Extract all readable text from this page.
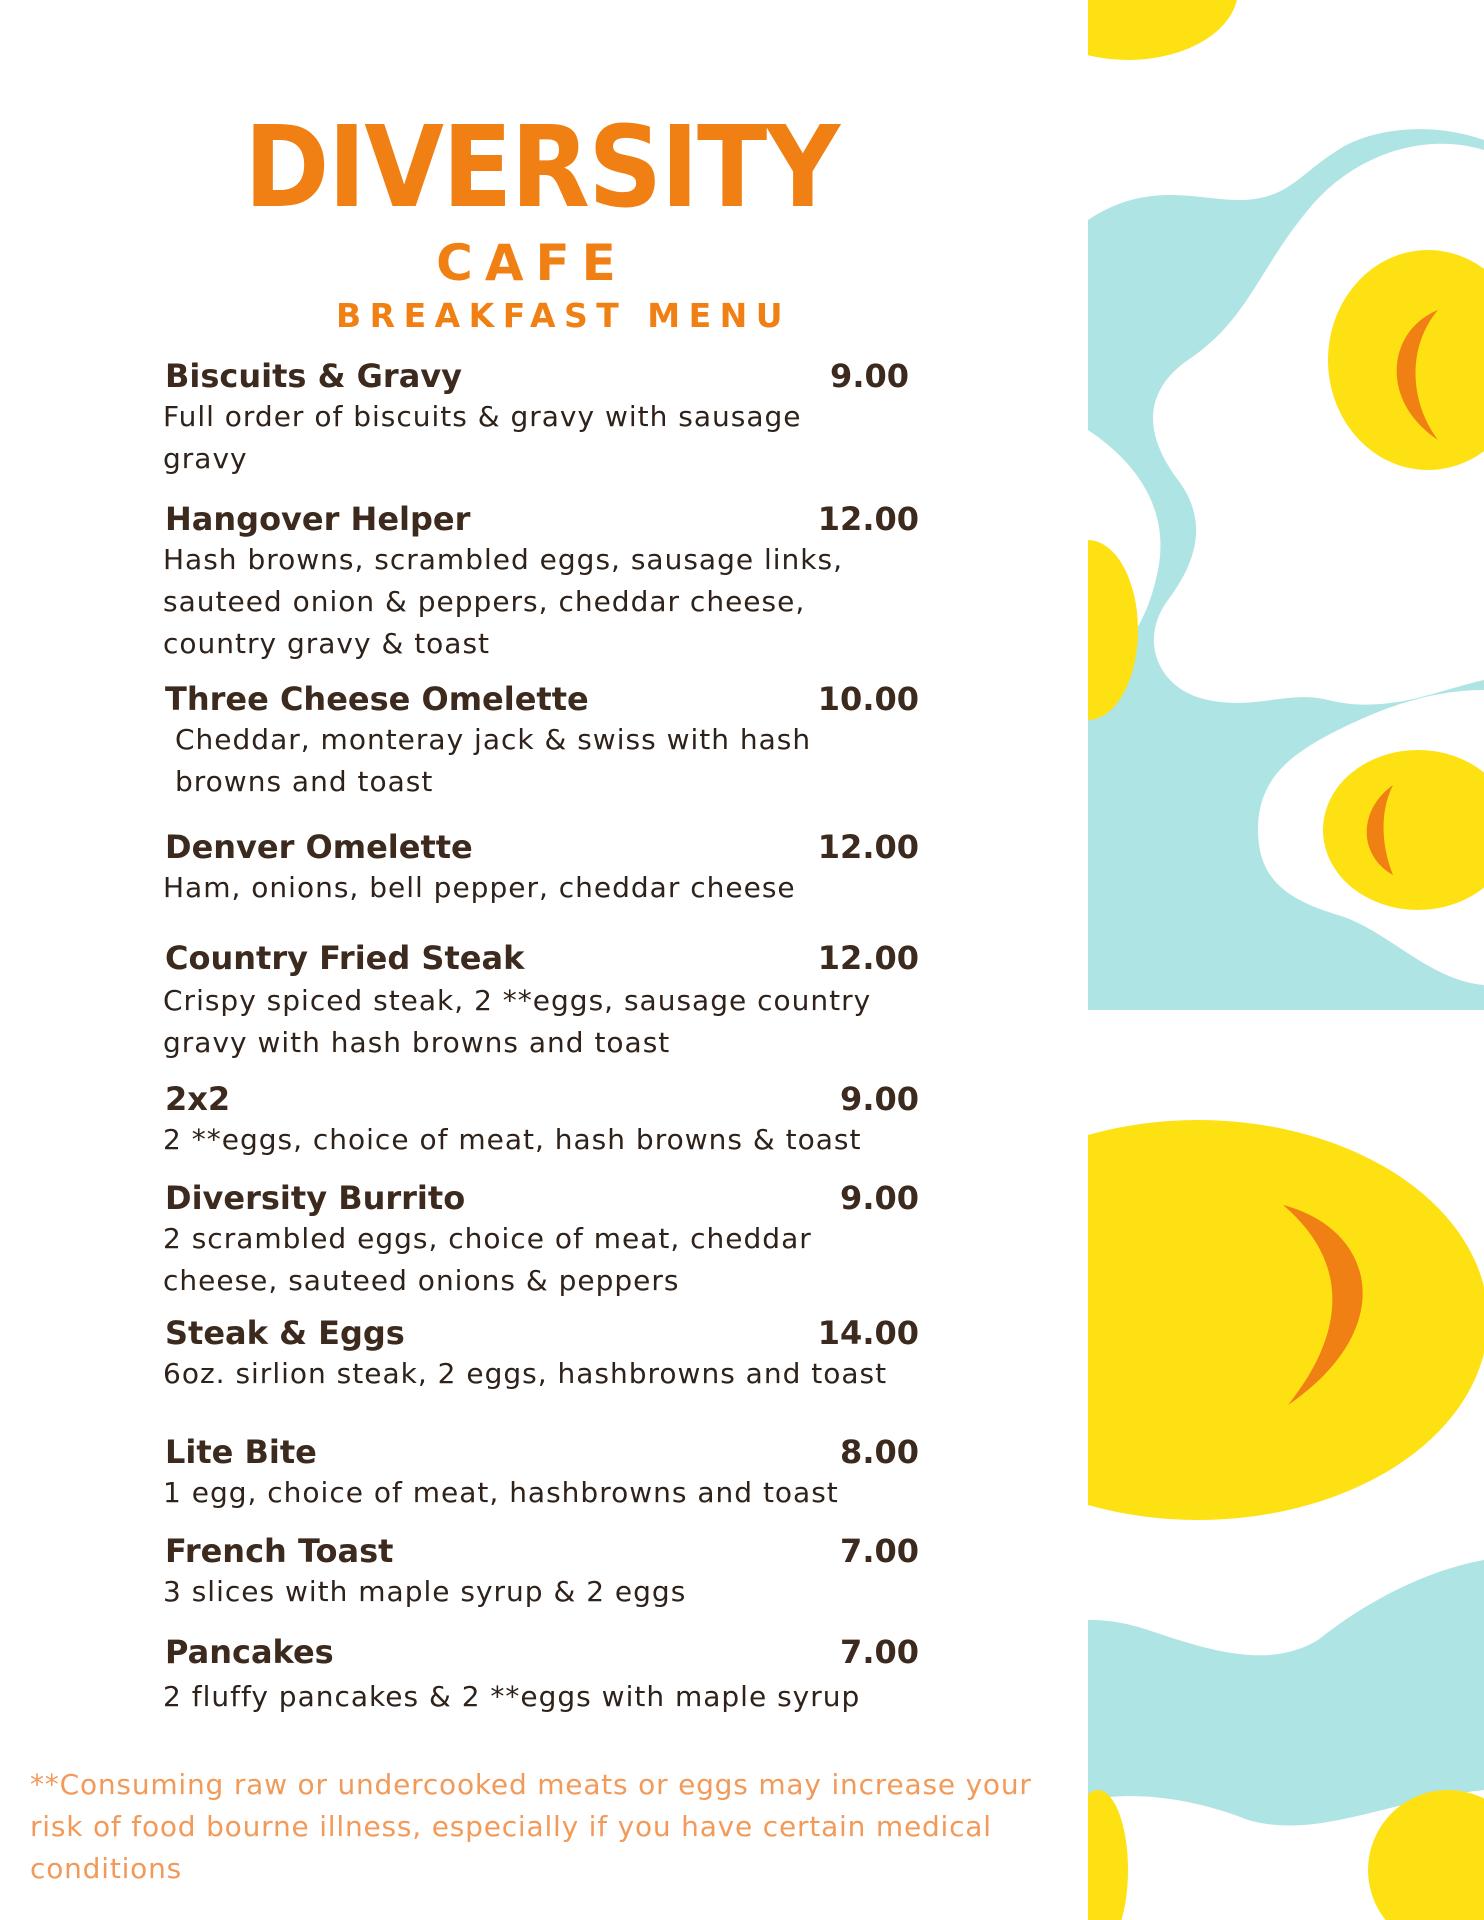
DIVERSITY
CAFE
BREAKFAST MENU
Biscuits & Gravy	9.00
Full order of biscuits & gravy with sausage gravy
Hangover Helper	12.00
Hash browns, scrambled eggs, sausage links, sauteed onion & peppers, cheddar cheese, country gravy & toast
Three Cheese Omelette	10.00
Cheddar, monteray jack & swiss with hash browns and toast
Denver Omelette	12.00
Ham, onions, bell pepper, cheddar cheese
Country Fried Steak	12.00
Crispy spiced steak, 2 **eggs, sausage country gravy with hash browns and toast
2x2	9.00
2 **eggs, choice of meat, hash browns & toast
Diversity Burrito	9.00
2 scrambled eggs, choice of meat, cheddar cheese, sauteed onions & peppers
Steak & Eggs	14.00
6oz. sirlion steak, 2 eggs, hashbrowns and toast
Lite Bite	8.00
1 egg, choice of meat, hashbrowns and toast
French Toast	7.00
3 slices with maple syrup & 2 eggs
Pancakes	7.00
2 fluffy pancakes & 2 **eggs with maple syrup
**Consuming raw or undercooked meats or eggs may increase your risk of food bourne illness, especially if you have certain medical conditions
